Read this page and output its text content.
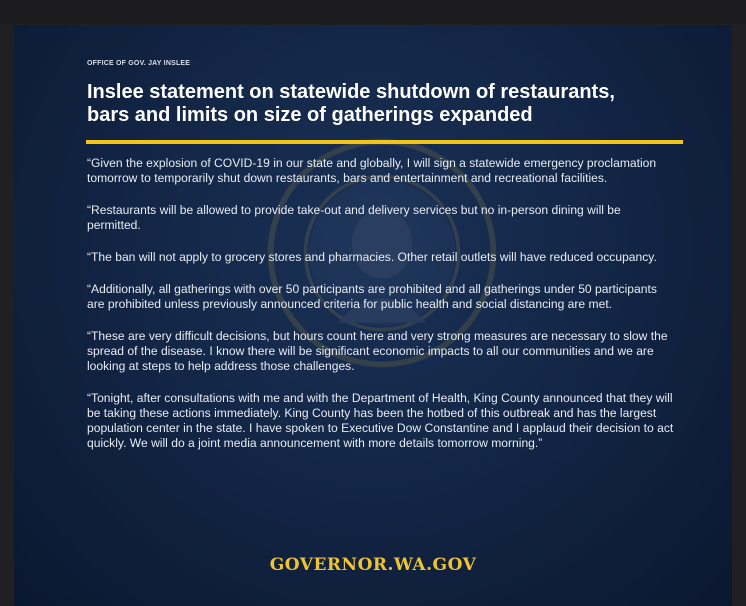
OFFICE OF GOV. JAY INSLEE
Inslee statement on statewide shutdown of restaurants,
bars and limits on size of gatherings expanded

“Given the explosion of COVID-19 in our state and globally, I will sign a statewide emergency proclamation tomorrow to temporarily shut down restaurants, bars and entertainment and recreational facilities.

“Restaurants will be allowed to provide take-out and delivery services but no in-person dining will be permitted.

“The ban will not apply to grocery stores and pharmacies. Other retail outlets will have reduced occupancy.

“Additionally, all gatherings with over 50 participants are prohibited and all gatherings under 50 participants are prohibited unless previously announced criteria for public health and social distancing are met.

“These are very difficult decisions, but hours count here and very strong measures are necessary to slow the spread of the disease. I know there will be significant economic impacts to all our communities and we are looking at steps to help address those challenges.

“Tonight, after consultations with me and with the Department of Health, King County announced that they will be taking these actions immediately. King County has been the hotbed of this outbreak and has the largest population center in the state. I have spoken to Executive Dow Constantine and I applaud their decision to act quickly. We will do a joint media announcement with more details tomorrow morning.”

GOVERNOR.WA.GOV
